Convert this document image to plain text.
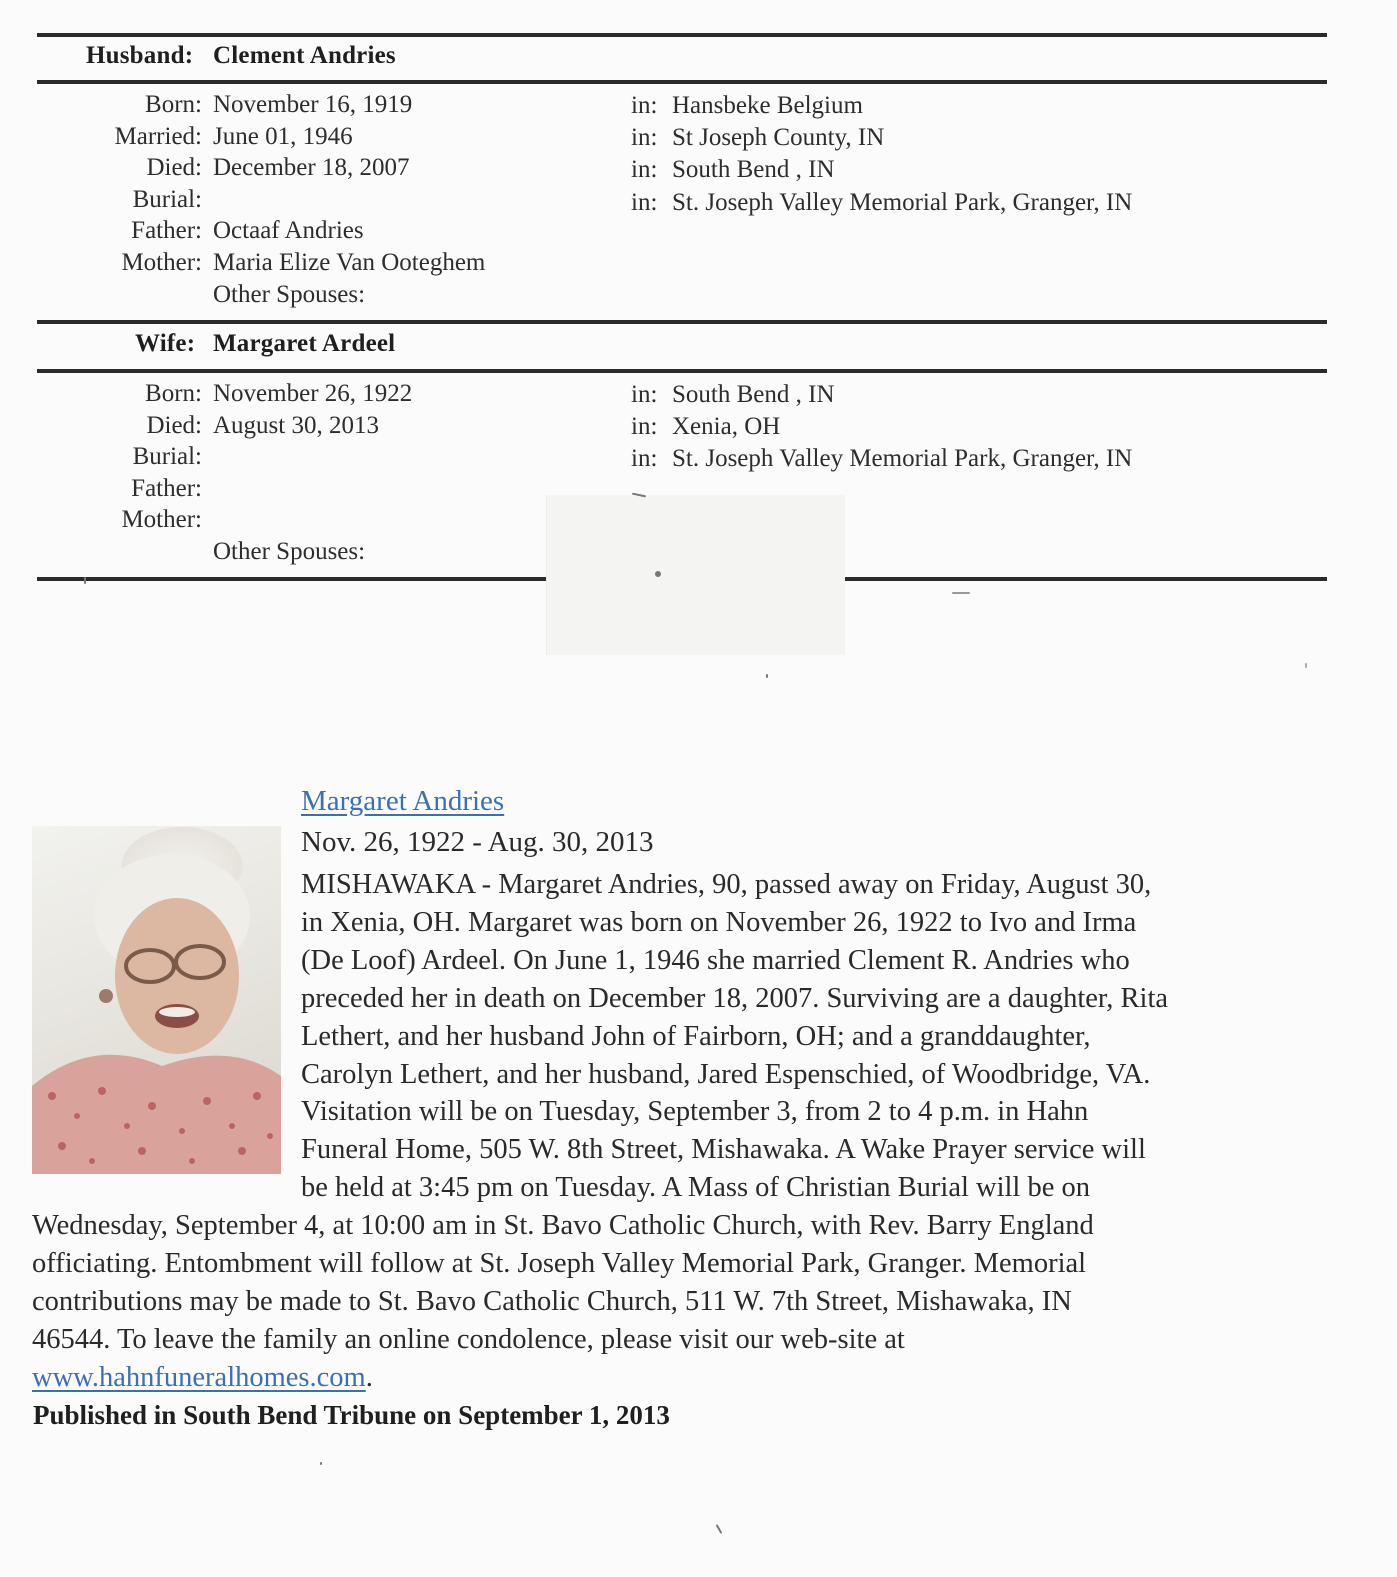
Husband: Clement Andries
Born:
Married:
Died:
Burial:
Father:
Mother:
November 16, 1919
June 01, 1946
December 18, 2007
Octaaf Andries
Maria Elize Van Ooteghem
Other Spouses:
in: Hansbeke Belgium
in: St Joseph County, IN
in: South Bend , IN
in: St. Joseph Valley Memorial Park, Granger, IN
Wife: Margaret Ardeel
Born:
Died:
Burial:
Father:
Mother:
November 26, 1922
August 30, 2013
Other Spouses:
in: South Bend , IN
in: Xenia, OH
in: St. Joseph Valley Memorial Park, Granger, IN
Margaret Andries
Nov. 26, 1922 - Aug. 30, 2013
MISHAWAKA - Margaret Andries, 90, passed away on Friday, August 30,
in Xenia, OH. Margaret was born on November 26, 1922 to Ivo and Irma
(De Loof) Ardeel. On June 1, 1946 she married Clement R. Andries who
preceded her in death on December 18, 2007. Surviving are a daughter, Rita
Lethert, and her husband John of Fairborn, OH; and a granddaughter,
Carolyn Lethert, and her husband, Jared Espenschied, of Woodbridge, VA.
Visitation will be on Tuesday, September 3, from 2 to 4 p.m. in Hahn
Funeral Home, 505 W. 8th Street, Mishawaka. A Wake Prayer service will
be held at 3:45 pm on Tuesday. A Mass of Christian Burial will be on
Wednesday, September 4, at 10:00 am in St. Bavo Catholic Church, with Rev. Barry England
officiating. Entombment will follow at St. Joseph Valley Memorial Park, Granger. Memorial
contributions may be made to St. Bavo Catholic Church, 511 W. 7th Street, Mishawaka, IN
46544. To leave the family an online condolence, please visit our web-site at
www.hahnfuneralhomes.com.
Published in South Bend Tribune on September 1, 2013
